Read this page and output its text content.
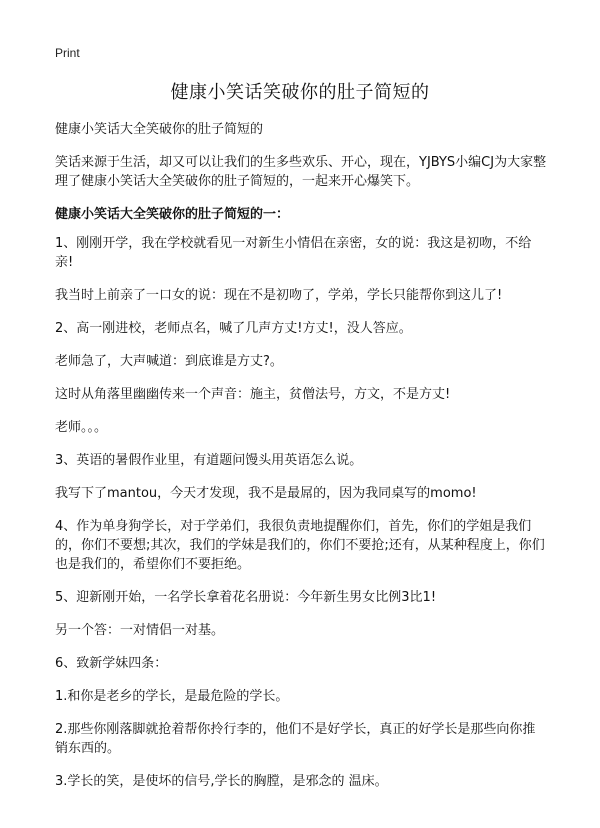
Print
健康小笑话笑破你的肚子简短的

健康小笑话大全笑破你的肚子简短的

笑话来源于生活，却又可以让我们的生多些欢乐、开心，现在，YJBYS小编CJ为大家整理了健康小笑话大全笑破你的肚子简短的，一起来开心爆笑下。

健康小笑话大全笑破你的肚子简短的一：

1、刚刚开学，我在学校就看见一对新生小情侣在亲密，女的说：我这是初吻，不给亲!

我当时上前亲了一口女的说：现在不是初吻了，学弟，学长只能帮你到这儿了!

2、高一刚进校，老师点名，喊了几声方丈!方丈!，没人答应。

老师急了，大声喊道：到底谁是方丈?。

这时从角落里幽幽传来一个声音：施主，贫僧法号，方文，不是方丈!

老师。。。

3、英语的暑假作业里，有道题问馒头用英语怎么说。

我写下了mantou，今天才发现，我不是最屌的，因为我同桌写的momo!

4、作为单身狗学长，对于学弟们，我很负责地提醒你们，首先，你们的学姐是我们的，你们不要想;其次，我们的学妹是我们的，你们不要抢;还有，从某种程度上，你们也是我们的，希望你们不要拒绝。

5、迎新刚开始，一名学长拿着花名册说：今年新生男女比例3比1!

另一个答：一对情侣一对基。

6、致新学妹四条：

1.和你是老乡的学长，是最危险的学长。

2.那些你刚落脚就抢着帮你拎行李的，他们不是好学长，真正的好学长是那些向你推销东西的。

3.学长的笑，是使坏的信号,学长的胸膛，是邪念的 温床。
